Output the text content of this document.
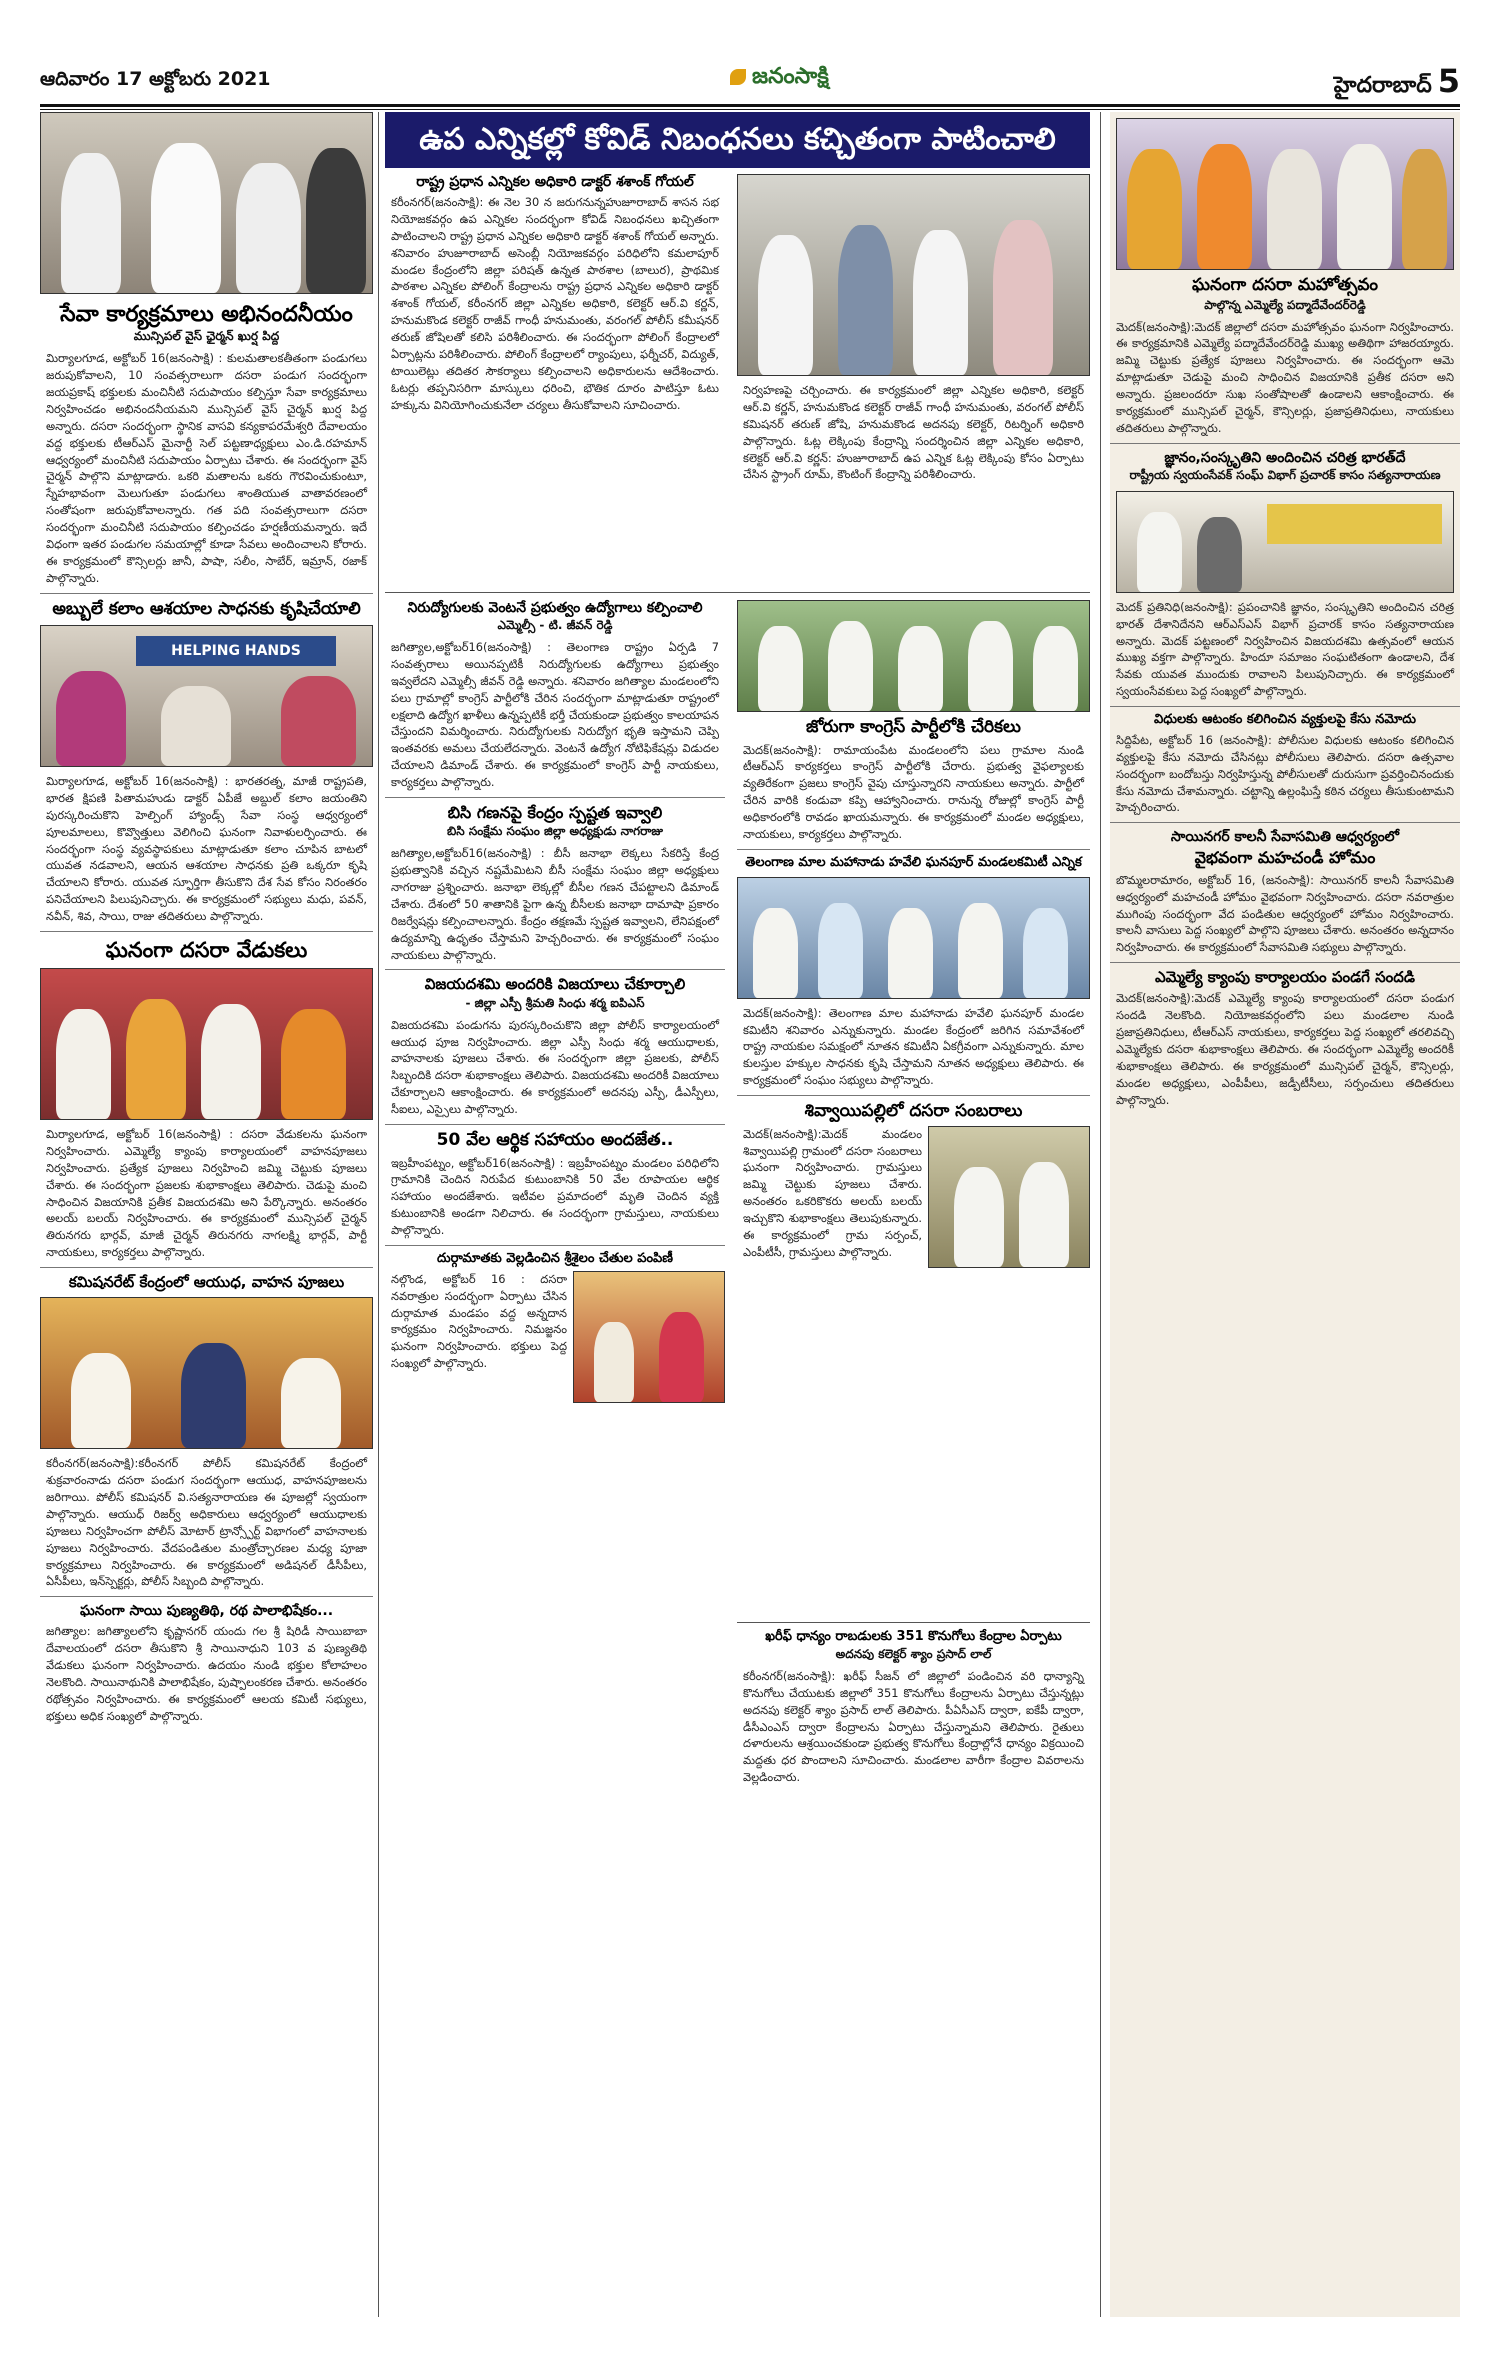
ఆదివారం 17 అక్టోబరు 2021	జనంసాక్షి	హైదరాబాద్ 5
సేవా కార్యక్రమాలు అభినందనీయం
మున్సిపల్ వైస్ ఛైర్మన్ ఖుర్ష పిద్ద
మిర్యాలగూడ, అక్టోబర్ 16(జనంసాక్షి) : కులమతాలకతీతంగా పండుగలు జరుపుకోవాలని, 10 సంవత్సరాలుగా దసరా పండుగ సందర్భంగా జయప్రకాష్ భక్తులకు మంచినీటి సదుపాయం కల్పిస్తూ సేవా కార్యక్రమాలు నిర్వహించడం అభినందనీయమని మున్సిపల్ వైస్ చైర్మన్ ఖుర్ష పిద్ద అన్నారు. దసరా సందర్భంగా స్థానిక వాసవి కన్యకాపరమేశ్వరి దేవాలయం వద్ద భక్తులకు టీఆర్ఎస్ మైనార్టీ సెల్ పట్టణాధ్యక్షులు ఎం.డి.రహమాన్ ఆధ్వర్యంలో మంచినీటి సదుపాయం ఏర్పాటు చేశారు. ఈ సందర్భంగా వైస్ చైర్మన్ పాల్గొని మాట్లాడారు. ఒకరి మతాలను ఒకరు గౌరవించుకుంటూ, స్నేహభావంగా మెలుగుతూ పండుగలు శాంతియుత వాతావరణంలో సంతోషంగా జరుపుకోవాలన్నారు. గత పది సంవత్సరాలుగా దసరా సందర్భంగా మంచినీటి సదుపాయం కల్పించడం హర్షణీయమన్నారు. ఇదే విధంగా ఇతర పండుగల సమయాల్లో కూడా సేవలు అందించాలని కోరారు. ఈ కార్యక్రమంలో కౌన్సిలర్లు జానీ, పాషా, సలీం, సాబేర్, ఇమ్రాన్, రజాక్ పాల్గొన్నారు.
అబ్బులే కలాం ఆశయాల సాధనకు కృషిచేయాలి
HELPING HANDS
మిర్యాలగూడ, అక్టోబర్ 16(జనంసాక్షి) : భారతరత్న, మాజీ రాష్ట్రపతి, భారత క్షిపణి పితామహుడు డాక్టర్ ఏపీజే అబ్దుల్ కలాం జయంతిని పురస్కరించుకొని హెల్పింగ్ హ్యాండ్స్ సేవా సంస్థ ఆధ్వర్యంలో పూలమాలలు, కొవ్వొత్తులు వెలిగించి ఘనంగా నివాళులర్పించారు. ఈ సందర్భంగా సంస్థ వ్యవస్థాపకులు మాట్లాడుతూ కలాం చూపిన బాటలో యువత నడవాలని, ఆయన ఆశయాల సాధనకు ప్రతి ఒక్కరూ కృషి చేయాలని కోరారు. యువత స్ఫూర్తిగా తీసుకొని దేశ సేవ కోసం నిరంతరం పనిచేయాలని పిలుపునిచ్చారు. ఈ కార్యక్రమంలో సభ్యులు మధు, పవన్, నవీన్, శివ, సాయి, రాజు తదితరులు పాల్గొన్నారు.
ఘనంగా దసరా వేడుకలు
మిర్యాలగూడ, అక్టోబర్ 16(జనంసాక్షి) : దసరా వేడుకలను ఘనంగా నిర్వహించారు. ఎమ్మెల్యే క్యాంపు కార్యాలయంలో వాహనపూజలు నిర్వహించారు. ప్రత్యేక పూజలు నిర్వహించి జమ్మి చెట్టుకు పూజలు చేశారు. ఈ సందర్భంగా ప్రజలకు శుభాకాంక్షలు తెలిపారు. చెడుపై మంచి సాధించిన విజయానికి ప్రతీక విజయదశమి అని పేర్కొన్నారు. అనంతరం అలయ్ బలయ్ నిర్వహించారు. ఈ కార్యక్రమంలో మున్సిపల్ చైర్మన్ తిరునగరు భార్గవ్, మాజీ చైర్మన్ తిరునగరు నాగలక్ష్మి భార్గవ్, పార్టీ నాయకులు, కార్యకర్తలు పాల్గొన్నారు.
కమిషనరేట్ కేంద్రంలో ఆయుధ, వాహన పూజలు
కరీంనగర్(జనంసాక్షి):కరీంనగర్ పోలీస్ కమిషనరేట్ కేంద్రంలో శుక్రవారంనాడు దసరా పండుగ సందర్భంగా ఆయుధ, వాహనపూజలను జరిగాయి. పోలీస్ కమిషనర్ వి.సత్యనారాయణ ఈ పూజల్లో స్వయంగా పాల్గొన్నారు. ఆయుధ్ రిజర్వ్ అధికారులు ఆధ్వర్యంలో ఆయుధాలకు పూజలు నిర్వహించగా పోలీస్ మోటార్ ట్రాన్స్పోర్ట్ విభాగంలో వాహనాలకు పూజలు నిర్వహించారు. వేదపండితుల మంత్రోచ్ఛారణల మధ్య పూజా కార్యక్రమాలు నిర్వహించారు. ఈ కార్యక్రమంలో అడిషనల్ డీసీపీలు, ఏసీపీలు, ఇన్‌స్పెక్టర్లు, పోలీస్ సిబ్బంది పాల్గొన్నారు.
ఘనంగా సాయి పుణ్యతిథి, రథ పాలాభిషేకం...
జగిత్యాల: జగిత్యాలలోని కృష్ణానగర్ యందు గల శ్రీ షిరిడీ సాయిబాబా దేవాలయంలో దసరా తీసుకొని శ్రీ సాయినాధుని 103 వ పుణ్యతిథి వేడుకలు ఘనంగా నిర్వహించారు. ఉదయం నుండి భక్తుల కోలాహలం నెలకొంది. సాయినాథునికి పాలాభిషేకం, పుష్పాలంకరణ చేశారు. అనంతరం రథోత్సవం నిర్వహించారు. ఈ కార్యక్రమంలో ఆలయ కమిటీ సభ్యులు, భక్తులు అధిక సంఖ్యలో పాల్గొన్నారు.
ఉప ఎన్నికల్లో కోవిడ్ నిబంధనలు కచ్చితంగా పాటించాలి
రాష్ట్ర ప్రధాన ఎన్నికల అధికారి డాక్టర్ శశాంక్ గోయల్
కరీంనగర్(జనంసాక్షి): ఈ నెల 30 న జరుగనున్నహుజూరాబాద్ శాసన సభ నియోజకవర్గం ఉప ఎన్నికల సందర్భంగా కోవిడ్ నిబంధనలు ఖచ్చితంగా పాటించాలని రాష్ట్ర ప్రధాన ఎన్నికల అధికారి డాక్టర్ శశాంక్ గోయల్ అన్నారు. శనివారం హుజూరాబాద్ అసెంబ్లీ నియోజకవర్గం పరిధిలోని కమలాపూర్ మండల కేంద్రంలోని జిల్లా పరిషత్ ఉన్నత పాఠశాల (బాలుర), ప్రాథమిక పాఠశాల ఎన్నికల పోలింగ్ కేంద్రాలను రాష్ట్ర ప్రధాన ఎన్నికల అధికారి డాక్టర్ శశాంక్ గోయల్, కరీంనగర్ జిల్లా ఎన్నికల అధికారి, కలెక్టర్ ఆర్.వి కర్ణన్, హనుమకొండ కలెక్టర్ రాజీవ్ గాంధీ హనుమంతు, వరంగల్ పోలీస్ కమీషనర్ తరుణ్ జోషిలతో కలిసి పరిశీలించారు. ఈ సందర్భంగా పోలింగ్ కేంద్రాలలో ఏర్పాట్లను పరిశీలించారు. పోలింగ్ కేంద్రాలలో ర్యాంపులు, ఫర్నీచర్, విద్యుత్, టాయిలెట్లు తదితర సౌకర్యాలు కల్పించాలని అధికారులను ఆదేశించారు. ఓటర్లు తప్పనిసరిగా మాస్కులు ధరించి, భౌతిక దూరం పాటిస్తూ ఓటు హక్కును వినియోగించుకునేలా చర్యలు తీసుకోవాలని సూచించారు.
నిర్వహణపై చర్చించారు. ఈ కార్యక్రమంలో జిల్లా ఎన్నికల అధికారి, కలెక్టర్ ఆర్.వి కర్ణన్, హనుమకొండ కలెక్టర్ రాజీవ్ గాంధీ హనుమంతు, వరంగల్ పోలీస్ కమిషనర్ తరుణ్ జోషి, హనుమకొండ అదనపు కలెక్టర్, రిటర్నింగ్ అధికారి పాల్గొన్నారు. ఓట్ల లెక్కింపు కేంద్రాన్ని సందర్శించిన జిల్లా ఎన్నికల అధికారి, కలెక్టర్ ఆర్.వి కర్ణన్: హుజూరాబాద్ ఉప ఎన్నిక ఓట్ల లెక్కింపు కోసం ఏర్పాటు చేసిన స్ట్రాంగ్ రూమ్, కౌంటింగ్ కేంద్రాన్ని పరిశీలించారు.
నిరుద్యోగులకు వెంటనే ప్రభుత్వం ఉద్యోగాలు కల్పించాలి
ఎమ్మెల్సీ - టి. జీవన్ రెడ్డి
జగిత్యాల,అక్టోబర్16(జనంసాక్షి) : తెలంగాణ రాష్ట్రం ఏర్పడి 7 సంవత్సరాలు అయినప్పటికీ నిరుద్యోగులకు ఉద్యోగాలు ప్రభుత్వం ఇవ్వలేదని ఎమ్మెల్సీ జీవన్ రెడ్డి అన్నారు. శనివారం జగిత్యాల మండలంలోని పలు గ్రామాల్లో కాంగ్రెస్ పార్టీలోకి చేరిన సందర్భంగా మాట్లాడుతూ రాష్ట్రంలో లక్షలాది ఉద్యోగ ఖాళీలు ఉన్నప్పటికీ భర్తీ చేయకుండా ప్రభుత్వం కాలయాపన చేస్తుందని విమర్శించారు. నిరుద్యోగులకు నిరుద్యోగ భృతి ఇస్తామని చెప్పి ఇంతవరకు అమలు చేయలేదన్నారు. వెంటనే ఉద్యోగ నోటిఫికేషన్లు విడుదల చేయాలని డిమాండ్ చేశారు. ఈ కార్యక్రమంలో కాంగ్రెస్ పార్టీ నాయకులు, కార్యకర్తలు పాల్గొన్నారు.
బిసి గణనపై కేంద్రం స్పష్టత ఇవ్వాలి
బిసి సంక్షేమ సంఘం జిల్లా అధ్యక్షుడు నాగరాజు
జగిత్యాల,అక్టోబర్16(జనంసాక్షి) : బీసీ జనాభా లెక్కలు సేకరిస్తే కేంద్ర ప్రభుత్వానికి వచ్చిన నష్టమేమిటని బీసీ సంక్షేమ సంఘం జిల్లా అధ్యక్షులు నాగరాజు ప్రశ్నించారు. జనాభా లెక్కల్లో బీసీల గణన చేపట్టాలని డిమాండ్ చేశారు. దేశంలో 50 శాతానికి పైగా ఉన్న బీసీలకు జనాభా దామాషా ప్రకారం రిజర్వేషన్లు కల్పించాలన్నారు. కేంద్రం తక్షణమే స్పష్టత ఇవ్వాలని, లేనిపక్షంలో ఉద్యమాన్ని ఉధృతం చేస్తామని హెచ్చరించారు. ఈ కార్యక్రమంలో సంఘం నాయకులు పాల్గొన్నారు.
విజయదశమి అందరికి విజయాలు చేకూర్చాలి
- జిల్లా ఎస్పీ శ్రీమతి సింధు శర్మ ఐపిఎస్
విజయదశమి పండుగను పురస్కరించుకొని జిల్లా పోలీస్ కార్యాలయంలో ఆయుధ పూజ నిర్వహించారు. జిల్లా ఎస్పీ సింధు శర్మ ఆయుధాలకు, వాహనాలకు పూజలు చేశారు. ఈ సందర్భంగా జిల్లా ప్రజలకు, పోలీస్ సిబ్బందికి దసరా శుభాకాంక్షలు తెలిపారు. విజయదశమి అందరికీ విజయాలు చేకూర్చాలని ఆకాంక్షించారు. ఈ కార్యక్రమంలో అదనపు ఎస్పీ, డీఎస్పీలు, సీఐలు, ఎస్సైలు పాల్గొన్నారు.
50 వేల ఆర్థిక సహాయం అందజేత..
ఇబ్రహీంపట్నం, అక్టోబర్16(జనంసాక్షి) : ఇబ్రహీంపట్నం మండలం పరిధిలోని గ్రామానికి చెందిన నిరుపేద కుటుంబానికి 50 వేల రూపాయల ఆర్థిక సహాయం అందజేశారు. ఇటీవల ప్రమాదంలో మృతి చెందిన వ్యక్తి కుటుంబానికి అండగా నిలిచారు. ఈ సందర్భంగా గ్రామస్తులు, నాయకులు పాల్గొన్నారు.
దుర్గామాతకు వెల్లడించిన శ్రీశైలం చేతుల పంపిణీ
నల్గొండ, అక్టోబర్ 16 : దసరా నవరాత్రుల సందర్భంగా ఏర్పాటు చేసిన దుర్గామాత మండపం వద్ద అన్నదాన కార్యక్రమం నిర్వహించారు. నిమజ్జనం ఘనంగా నిర్వహించారు. భక్తులు పెద్ద సంఖ్యలో పాల్గొన్నారు.
జోరుగా కాంగ్రెస్ పార్టీలోకి చేరికలు
మెదక్(జనంసాక్షి): రామాయంపేట మండలంలోని పలు గ్రామాల నుండి టీఆర్ఎస్ కార్యకర్తలు కాంగ్రెస్ పార్టీలోకి చేరారు. ప్రభుత్వ వైఫల్యాలకు వ్యతిరేకంగా ప్రజలు కాంగ్రెస్ వైపు చూస్తున్నారని నాయకులు అన్నారు. పార్టీలో చేరిన వారికి కండువా కప్పి ఆహ్వానించారు. రానున్న రోజుల్లో కాంగ్రెస్ పార్టీ అధికారంలోకి రావడం ఖాయమన్నారు. ఈ కార్యక్రమంలో మండల అధ్యక్షులు, నాయకులు, కార్యకర్తలు పాల్గొన్నారు.
తెలంగాణ మాల మహానాడు హవేలి ఘనపూర్ మండలకమిటీ ఎన్నిక
మెదక్(జనంసాక్షి): తెలంగాణ మాల మహానాడు హవేలి ఘనపూర్ మండల కమిటీని శనివారం ఎన్నుకున్నారు. మండల కేంద్రంలో జరిగిన సమావేశంలో రాష్ట్ర నాయకుల సమక్షంలో నూతన కమిటీని ఏకగ్రీవంగా ఎన్నుకున్నారు. మాల కులస్తుల హక్కుల సాధనకు కృషి చేస్తామని నూతన అధ్యక్షులు తెలిపారు. ఈ కార్యక్రమంలో సంఘం సభ్యులు పాల్గొన్నారు.
శివ్వాయిపల్లిలో దసరా సంబరాలు
మెదక్(జనంసాక్షి):మెదక్ మండలం శివ్వాయిపల్లి గ్రామంలో దసరా సంబరాలు ఘనంగా నిర్వహించారు. గ్రామస్తులు జమ్మి చెట్టుకు పూజలు చేశారు. అనంతరం ఒకరికొకరు అలయ్ బలయ్ ఇచ్చుకొని శుభాకాంక్షలు తెలుపుకున్నారు. ఈ కార్యక్రమంలో గ్రామ సర్పంచ్, ఎంపీటీసీ, గ్రామస్తులు పాల్గొన్నారు.
ఖరీఫ్ ధాన్యం రాబడులకు 351 కొనుగోలు కేంద్రాల ఏర్పాటు
అదనపు కలెక్టర్ శ్యాం ప్రసాద్ లాల్
కరీంనగర్(జనంసాక్షి): ఖరీఫ్ సీజన్ లో జిల్లాలో పండించిన వరి ధాన్యాన్ని కొనుగోలు చేయుటకు జిల్లాలో 351 కొనుగోలు కేంద్రాలను ఏర్పాటు చేస్తున్నట్లు అదనపు కలెక్టర్ శ్యాం ప్రసాద్ లాల్ తెలిపారు. పీఏసీఎస్ ద్వారా, ఐకేపీ ద్వారా, డీసీఎంఎస్ ద్వారా కేంద్రాలను ఏర్పాటు చేస్తున్నామని తెలిపారు. రైతులు దళారులను ఆశ్రయించకుండా ప్రభుత్వ కొనుగోలు కేంద్రాల్లోనే ధాన్యం విక్రయించి మద్దతు ధర పొందాలని సూచించారు. మండలాల వారీగా కేంద్రాల వివరాలను వెల్లడించారు.
ఘనంగా దసరా మహోత్సవం
పాల్గొన్న ఎమ్మెల్యే పద్మాదేవేందర్‌రెడ్డి
మెదక్(జనంసాక్షి):మెదక్ జిల్లాలో దసరా మహోత్సవం ఘనంగా నిర్వహించారు. ఈ కార్యక్రమానికి ఎమ్మెల్యే పద్మాదేవేందర్‌రెడ్డి ముఖ్య అతిథిగా హాజరయ్యారు. జమ్మి చెట్టుకు ప్రత్యేక పూజలు నిర్వహించారు. ఈ సందర్భంగా ఆమె మాట్లాడుతూ చెడుపై మంచి సాధించిన విజయానికి ప్రతీక దసరా అని అన్నారు. ప్రజలందరూ సుఖ సంతోషాలతో ఉండాలని ఆకాంక్షించారు. ఈ కార్యక్రమంలో మున్సిపల్ చైర్మన్, కౌన్సిలర్లు, ప్రజాప్రతినిధులు, నాయకులు తదితరులు పాల్గొన్నారు.
జ్ఞానం,సంస్కృతిని అందించిన చరిత్ర భారత్‌దే
రాష్ట్రీయ స్వయంసేవక్ సంఘ్ విభాగ్ ప్రచారక్ కాసం సత్యనారాయణ
మెదక్ ప్రతినిధి(జనంసాక్షి): ప్రపంచానికి జ్ఞానం, సంస్కృతిని అందించిన చరిత్ర భారత్ దేశానిదేనని ఆర్ఎస్ఎస్ విభాగ్ ప్రచారక్ కాసం సత్యనారాయణ అన్నారు. మెదక్ పట్టణంలో నిర్వహించిన విజయదశమి ఉత్సవంలో ఆయన ముఖ్య వక్తగా పాల్గొన్నారు. హిందూ సమాజం సంఘటితంగా ఉండాలని, దేశ సేవకు యువత ముందుకు రావాలని పిలుపునిచ్చారు. ఈ కార్యక్రమంలో స్వయంసేవకులు పెద్ద సంఖ్యలో పాల్గొన్నారు.
విధులకు ఆటంకం కలిగించిన వ్యక్తులపై కేసు నమోదు
సిద్దిపేట, అక్టోబర్ 16 (జనంసాక్షి): పోలీసుల విధులకు ఆటంకం కలిగించిన వ్యక్తులపై కేసు నమోదు చేసినట్లు పోలీసులు తెలిపారు. దసరా ఉత్సవాల సందర్భంగా బందోబస్తు నిర్వహిస్తున్న పోలీసులతో దురుసుగా ప్రవర్తించినందుకు కేసు నమోదు చేశామన్నారు. చట్టాన్ని ఉల్లంఘిస్తే కఠిన చర్యలు తీసుకుంటామని హెచ్చరించారు.
సాయినగర్ కాలనీ సేవాసమితి ఆధ్వర్యంలో
వైభవంగా మహచండీ హోమం
బొమ్మలరామారం, అక్టోబర్ 16, (జనంసాక్షి): సాయినగర్ కాలనీ సేవాసమితి ఆధ్వర్యంలో మహచండీ హోమం వైభవంగా నిర్వహించారు. దసరా నవరాత్రుల ముగింపు సందర్భంగా వేద పండితుల ఆధ్వర్యంలో హోమం నిర్వహించారు. కాలనీ వాసులు పెద్ద సంఖ్యలో పాల్గొని పూజలు చేశారు. అనంతరం అన్నదానం నిర్వహించారు. ఈ కార్యక్రమంలో సేవాసమితి సభ్యులు పాల్గొన్నారు.
ఎమ్మెల్యే క్యాంపు కార్యాలయం పండగే సందడి
మెదక్(జనంసాక్షి):మెదక్ ఎమ్మెల్యే క్యాంపు కార్యాలయంలో దసరా పండుగ సందడి నెలకొంది. నియోజకవర్గంలోని పలు మండలాల నుండి ప్రజాప్రతినిధులు, టీఆర్ఎస్ నాయకులు, కార్యకర్తలు పెద్ద సంఖ్యలో తరలివచ్చి ఎమ్మెల్యేకు దసరా శుభాకాంక్షలు తెలిపారు. ఈ సందర్భంగా ఎమ్మెల్యే అందరికీ శుభాకాంక్షలు తెలిపారు. ఈ కార్యక్రమంలో మున్సిపల్ చైర్మన్, కౌన్సిలర్లు, మండల అధ్యక్షులు, ఎంపీపీలు, జడ్పీటీసీలు, సర్పంచులు తదితరులు పాల్గొన్నారు.
